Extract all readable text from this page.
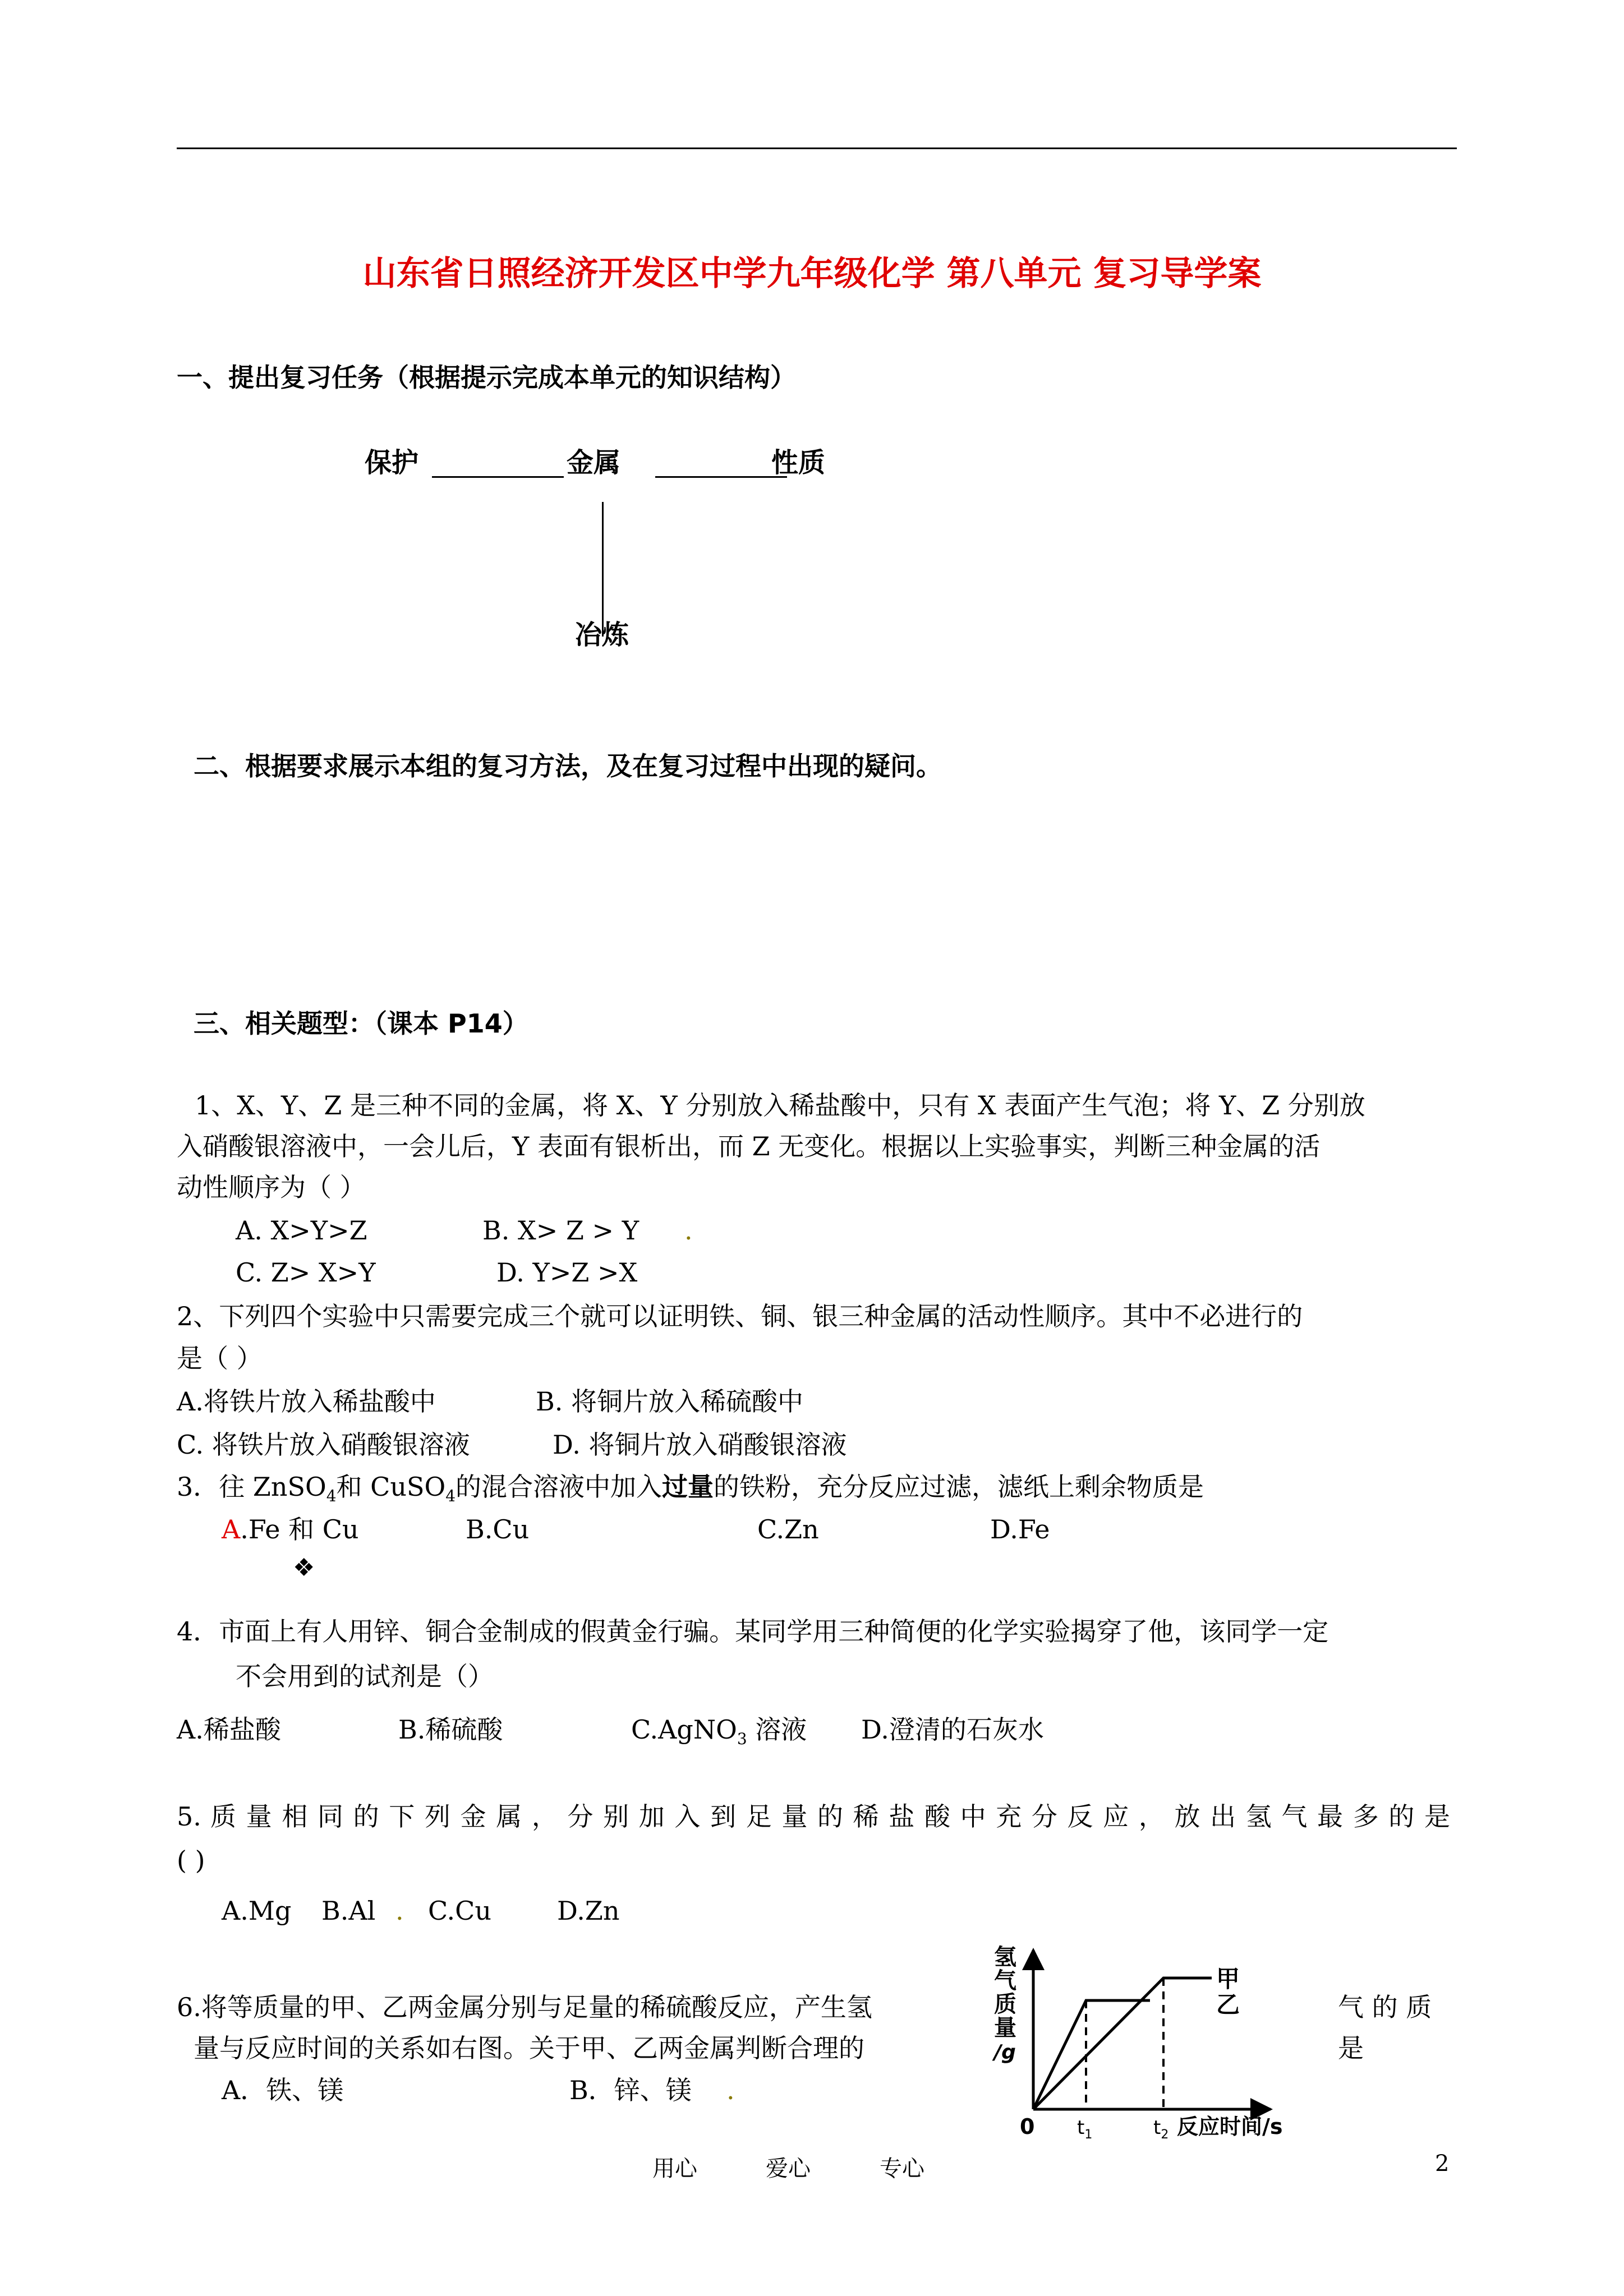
山东省日照经济开发区中学九年级化学 第八单元 复习导学案
一、提出复习任务（根据提示完成本单元的知识结构）
保护	金属	性质
冶炼
二、根据要求展示本组的复习方法，及在复习过程中出现的疑问。
三、相关题型：（课本 P14）
1、X、Y、Z 是三种不同的金属，将 X、Y 分别放入稀盐酸中，只有 X 表面产生气泡；将 Y、Z 分别放
入硝酸银溶液中，一会儿后，Y 表面有银析出，而 Z 无变化。根据以上实验事实，判断三种金属的活
动性顺序为（ ）
A. X>Y>Z	B. X> Z > Y .
C. Z> X>Y	D. Y>Z >X
2、下列四个实验中只需要完成三个就可以证明铁、铜、银三种金属的活动性顺序。其中不必进行的
是（ ）
A.将铁片放入稀盐酸中	B. 将铜片放入稀硫酸中
C. 将铁片放入硝酸银溶液	D. 将铜片放入硝酸银溶液
3．往 ZnSO$_4$和 CuSO$_4$的混合溶液中加入过量的铁粉，充分反应过滤，滤纸上剩余物质是
A.Fe 和 Cu	B.Cu	C.Zn	D.Fe
❖
4．市面上有人用锌、铜合金制成的假黄金行骗。某同学用三种简便的化学实验揭穿了他，该同学一定
不会用到的试剂是（）
A.稀盐酸	B.稀硫酸	C.AgNO$_3$ 溶液 D.澄清的石灰水
5. 质 量 相 同 的 下 列 金 属 ， 分 别 加 入 到 足 量 的 稀 盐 酸 中 充 分 反 应 ， 放 出 氢 气 最 多 的 是
( )
A.Mg B.Al . C.Cu	D.Zn
6.将等质量的甲、乙两金属分别与足量的稀硫酸反应，产生氢	气 的 质
量与反应时间的关系如右图。关于甲、乙两金属判断合理的	是
A．铁、镁	B．锌、镁 .
氢
气
质
量
/g
甲
乙
0 $t_1$	$t_2$ 反应时间/s
用心	爱心	专心	2
